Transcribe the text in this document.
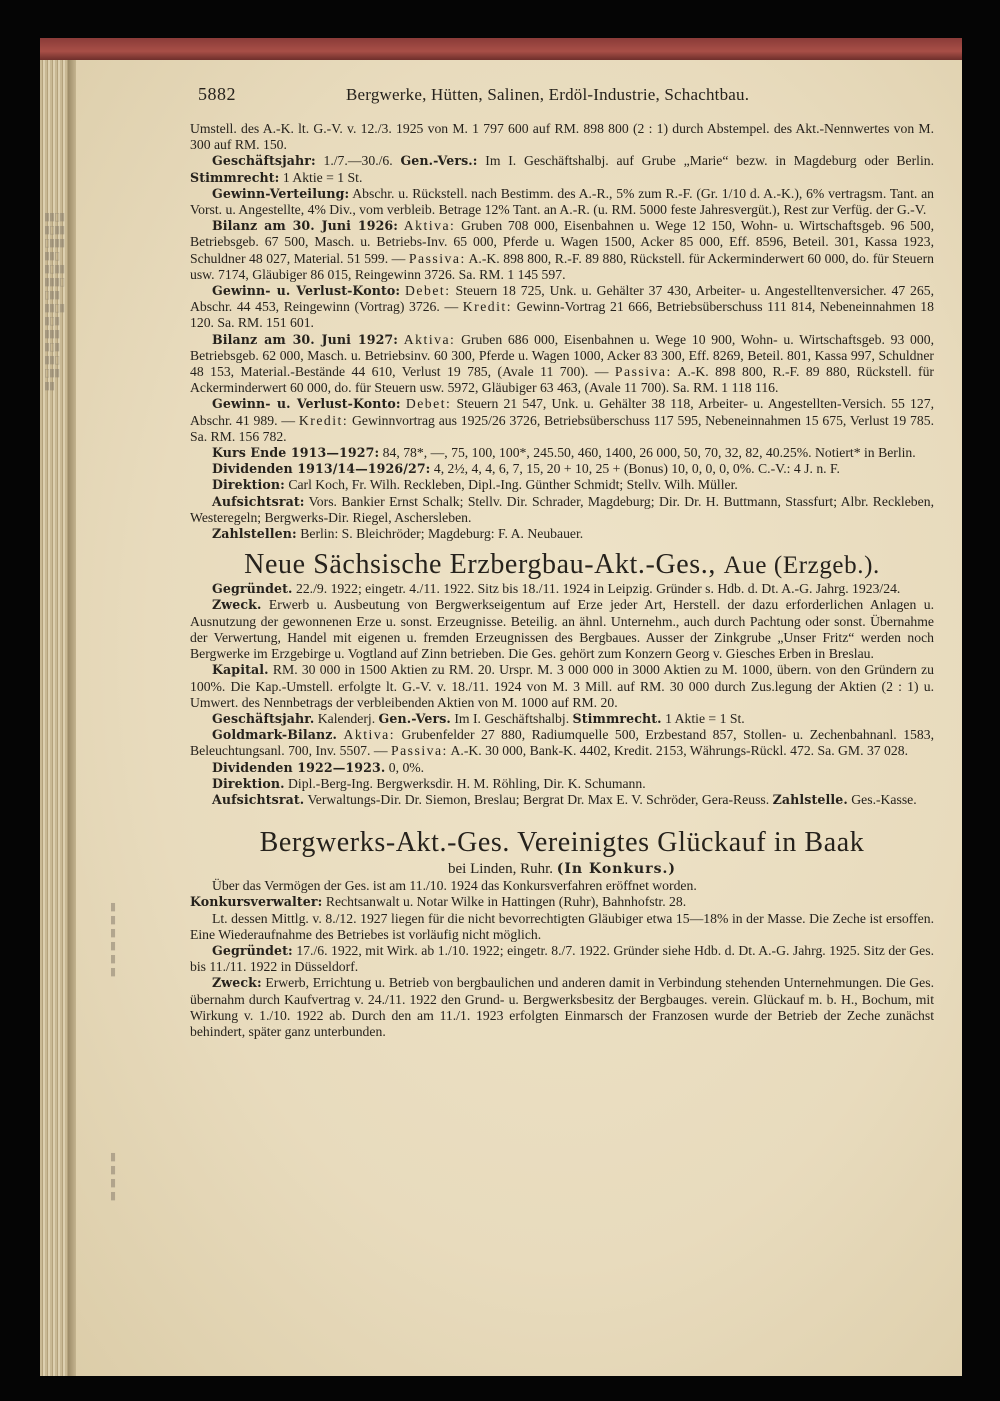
▮▮▯▮
▮▯▮▮
▯▮▮▮
▮▮▯
▮▯▮▮
▮▮▮▯
▯▮▮
▮▮▯▮
▮▯▮
▮▮▮
▮▯▮
▮▮▯
▯▮▮
▮▮
▮
▮
▮
▮
▮
▮
▮
▮
▮
▮
5882	Bergwerke, Hütten, Salinen, Erdöl-Industrie, Schachtbau.

Umstell. des A.-K. lt. G.-V. v. 12./3. 1925 von M. 1 797 600 auf RM. 898 800 (2 : 1) durch Abstempel. des Akt.-Nennwertes von M. 300 auf RM. 150.

Geschäftsjahr: 1./7.—30./6. Gen.-Vers.: Im I. Geschäftshalbj. auf Grube „Marie“ bezw. in Magdeburg oder Berlin. Stimmrecht: 1 Aktie = 1 St.

Gewinn-Verteilung: Abschr. u. Rückstell. nach Bestimm. des A.-R., 5% zum R.-F. (Gr. 1/10 d. A.-K.), 6% vertragsm. Tant. an Vorst. u. Angestellte, 4% Div., vom verbleib. Betrage 12% Tant. an A.-R. (u. RM. 5000 feste Jahresvergüt.), Rest zur Verfüg. der G.-V.

Bilanz am 30. Juni 1926: Aktiva: Gruben 708 000, Eisenbahnen u. Wege 12 150, Wohn- u. Wirtschaftsgeb. 96 500, Betriebsgeb. 67 500, Masch. u. Betriebs-Inv. 65 000, Pferde u. Wagen 1500, Acker 85 000, Eff. 8596, Beteil. 301, Kassa 1923, Schuldner 48 027, Material. 51 599. — Passiva: A.-K. 898 800, R.-F. 89 880, Rückstell. für Ackerminderwert 60 000, do. für Steuern usw. 7174, Gläubiger 86 015, Reingewinn 3726. Sa. RM. 1 145 597.

Gewinn- u. Verlust-Konto: Debet: Steuern 18 725, Unk. u. Gehälter 37 430, Arbeiter- u. Angestelltenversicher. 47 265, Abschr. 44 453, Reingewinn (Vortrag) 3726. — Kredit: Gewinn-Vortrag 21 666, Betriebsüberschuss 111 814, Nebeneinnahmen 18 120. Sa. RM. 151 601.

Bilanz am 30. Juni 1927: Aktiva: Gruben 686 000, Eisenbahnen u. Wege 10 900, Wohn- u. Wirtschaftsgeb. 93 000, Betriebsgeb. 62 000, Masch. u. Betriebsinv. 60 300, Pferde u. Wagen 1000, Acker 83 300, Eff. 8269, Beteil. 801, Kassa 997, Schuldner 48 153, Material.-Bestände 44 610, Verlust 19 785, (Avale 11 700). — Passiva: A.-K. 898 800, R.-F. 89 880, Rückstell. für Ackerminderwert 60 000, do. für Steuern usw. 5972, Gläubiger 63 463, (Avale 11 700). Sa. RM. 1 118 116.

Gewinn- u. Verlust-Konto: Debet: Steuern 21 547, Unk. u. Gehälter 38 118, Arbeiter- u. Angestellten-Versich. 55 127, Abschr. 41 989. — Kredit: Gewinnvortrag aus 1925/26 3726, Betriebsüberschuss 117 595, Nebeneinnahmen 15 675, Verlust 19 785. Sa. RM. 156 782.

Kurs Ende 1913—1927: 84, 78*, —, 75, 100, 100*, 245.50, 460, 1400, 26 000, 50, 70, 32, 82, 40.25%. Notiert* in Berlin.

Dividenden 1913/14—1926/27: 4, 2½, 4, 4, 6, 7, 15, 20 + 10, 25 + (Bonus) 10, 0, 0, 0, 0%. C.-V.: 4 J. n. F.

Direktion: Carl Koch, Fr. Wilh. Reckleben, Dipl.-Ing. Günther Schmidt; Stellv. Wilh. Müller.

Aufsichtsrat: Vors. Bankier Ernst Schalk; Stellv. Dir. Schrader, Magdeburg; Dir. Dr. H. Buttmann, Stassfurt; Albr. Reckleben, Westeregeln; Bergwerks-Dir. Riegel, Aschersleben.

Zahlstellen: Berlin: S. Bleichröder; Magdeburg: F. A. Neubauer.

Neue Sächsische Erzbergbau-Akt.-Ges., Aue (Erzgeb.).

Gegründet. 22./9. 1922; eingetr. 4./11. 1922. Sitz bis 18./11. 1924 in Leipzig. Gründer s. Hdb. d. Dt. A.-G. Jahrg. 1923/24.

Zweck. Erwerb u. Ausbeutung von Bergwerkseigentum auf Erze jeder Art, Herstell. der dazu erforderlichen Anlagen u. Ausnutzung der gewonnenen Erze u. sonst. Erzeugnisse. Beteilig. an ähnl. Unternehm., auch durch Pachtung oder sonst. Übernahme der Verwertung, Handel mit eigenen u. fremden Erzeugnissen des Bergbaues. Ausser der Zinkgrube „Unser Fritz“ werden noch Bergwerke im Erzgebirge u. Vogtland auf Zinn betrieben. Die Ges. gehört zum Konzern Georg v. Giesches Erben in Breslau.

Kapital. RM. 30 000 in 1500 Aktien zu RM. 20. Urspr. M. 3 000 000 in 3000 Aktien zu M. 1000, übern. von den Gründern zu 100%. Die Kap.-Umstell. erfolgte lt. G.-V. v. 18./11. 1924 von M. 3 Mill. auf RM. 30 000 durch Zus.legung der Aktien (2 : 1) u. Umwert. des Nennbetrags der verbleibenden Aktien von M. 1000 auf RM. 20.

Geschäftsjahr. Kalenderj. Gen.-Vers. Im I. Geschäftshalbj. Stimmrecht. 1 Aktie = 1 St.

Goldmark-Bilanz. Aktiva: Grubenfelder 27 880, Radiumquelle 500, Erzbestand 857, Stollen- u. Zechenbahnanl. 1583, Beleuchtungsanl. 700, Inv. 5507. — Passiva: A.-K. 30 000, Bank-K. 4402, Kredit. 2153, Währungs-Rückl. 472. Sa. GM. 37 028.

Dividenden 1922—1923. 0, 0%.

Direktion. Dipl.-Berg-Ing. Bergwerksdir. H. M. Röhling, Dir. K. Schumann.

Aufsichtsrat. Verwaltungs-Dir. Dr. Siemon, Breslau; Bergrat Dr. Max E. V. Schröder, Gera-Reuss. Zahlstelle. Ges.-Kasse.

Bergwerks-Akt.-Ges. Vereinigtes Glückauf in Baak
bei Linden, Ruhr. (In Konkurs.)

Über das Vermögen der Ges. ist am 11./10. 1924 das Konkursverfahren eröffnet worden.

Konkursverwalter: Rechtsanwalt u. Notar Wilke in Hattingen (Ruhr), Bahnhofstr. 28.

Lt. dessen Mittlg. v. 8./12. 1927 liegen für die nicht bevorrechtigten Gläubiger etwa 15—18% in der Masse. Die Zeche ist ersoffen. Eine Wiederaufnahme des Betriebes ist vorläufig nicht möglich.

Gegründet: 17./6. 1922, mit Wirk. ab 1./10. 1922; eingetr. 8./7. 1922. Gründer siehe Hdb. d. Dt. A.-G. Jahrg. 1925. Sitz der Ges. bis 11./11. 1922 in Düsseldorf.

Zweck: Erwerb, Errichtung u. Betrieb von bergbaulichen und anderen damit in Verbindung stehenden Unternehmungen. Die Ges. übernahm durch Kaufvertrag v. 24./11. 1922 den Grund- u. Bergwerksbesitz der Bergbauges. verein. Glückauf m. b. H., Bochum, mit Wirkung v. 1./10. 1922 ab. Durch den am 11./1. 1923 erfolgten Einmarsch der Franzosen wurde der Betrieb der Zeche zunächst behindert, später ganz unterbunden.
